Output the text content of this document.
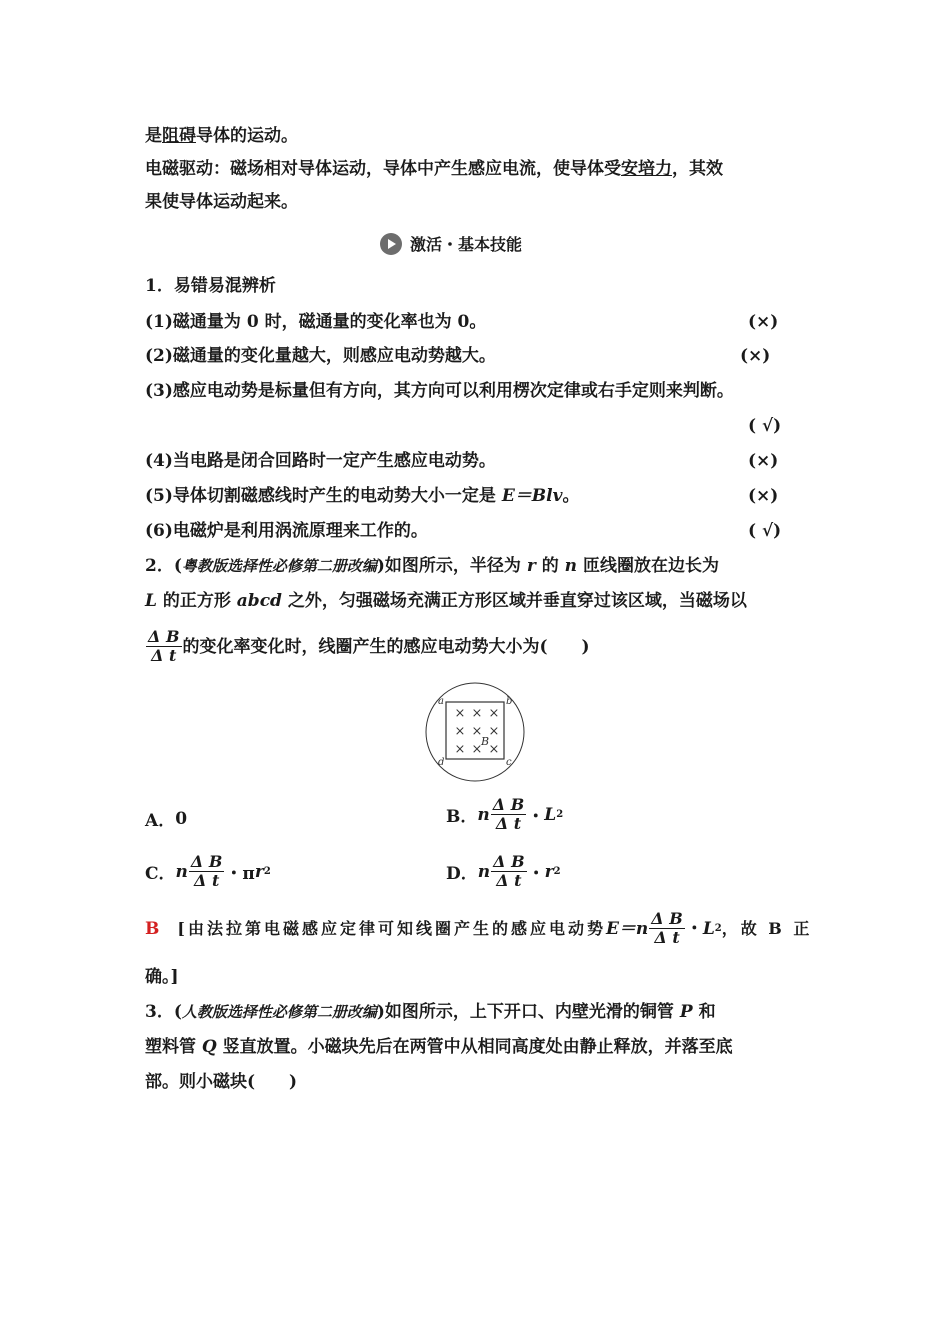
是阻碍导体的运动。
电磁驱动：磁场相对导体运动，导体中产生感应电流，使导体受安培力，其效
果使导体运动起来。
激活・基本技能
1．易错易混辨析
(1)磁通量为 0 时，磁通量的变化率也为 0。	(×)
(2)磁通量的变化量越大，则感应电动势越大。	(×)
(3)感应电动势是标量但有方向，其方向可以利用楞次定律或右手定则来判断。
( √)
(4)当电路是闭合回路时一定产生感应电动势。	(×)
(5)导体切割磁感线时产生的电动势大小一定是 E＝Blv。	(×)
(6)电磁炉是利用涡流原理来工作的。	( √)
2．(粤教版选择性必修第二册改编)如图所示，半径为 r 的 n 匝线圈放在边长为
L 的正方形 abcd 之外，匀强磁场充满正方形区域并垂直穿过该区域，当磁场以
$\frac{\text{Δ B}}{\text{Δ t}}$ 的变化率变化时，线圈产生的感应电动势大小为(　　)
× × ×
× × ×
× × ×
a	b
c
d
B
A． 0	B． n $\frac{\text{Δ B}}{\text{Δ t}}$ ・ L 2
C． n $\frac{\text{Δ B}}{\text{Δ t}}$ ・π r 2	D． n $\frac{\text{Δ B}}{\text{Δ t}}$ ・ r 2
B [由法拉第电磁感应定律可知线圈产生的感应电动势 E＝ n $\frac{\text{Δ B}}{\text{Δ t}}$ ・ L 2 ，故 B 正
确。]
3．(人教版选择性必修第二册改编)如图所示，上下开口、内壁光滑的铜管 P 和
塑料管 Q 竖直放置。小磁块先后在两管中从相同高度处由静止释放，并落至底
部。则小磁块(　　)
